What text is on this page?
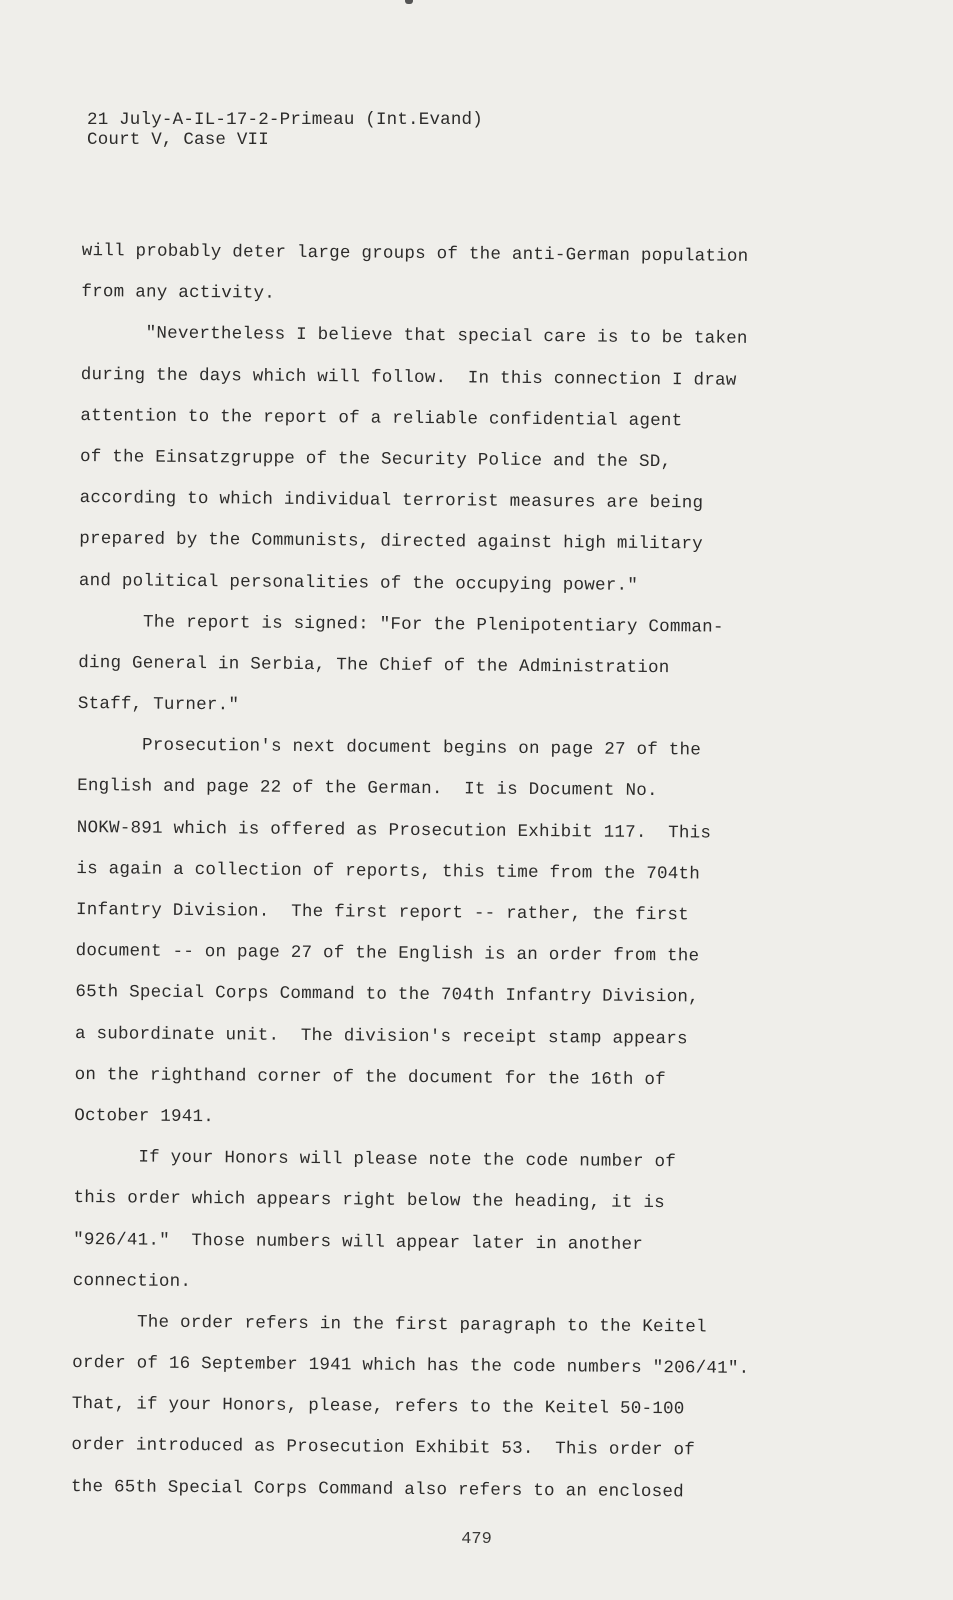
21 July-A-IL-17-2-Primeau (Int.Evand)
Court V, Case VII
will probably deter large groups of the anti-German population
from any activity.
"Nevertheless I believe that special care is to be taken
during the days which will follow.  In this connection I draw
attention to the report of a reliable confidential agent
of the Einsatzgruppe of the Security Police and the SD,
according to which individual terrorist measures are being
prepared by the Communists, directed against high military
and political personalities of the occupying power."
The report is signed: "For the Plenipotentiary Comman-
ding General in Serbia, The Chief of the Administration
Staff, Turner."
Prosecution's next document begins on page 27 of the
English and page 22 of the German.  It is Document No.
NOKW-891 which is offered as Prosecution Exhibit 117.  This
is again a collection of reports, this time from the 704th
Infantry Division.  The first report -- rather, the first
document -- on page 27 of the English is an order from the
65th Special Corps Command to the 704th Infantry Division,
a subordinate unit.  The division's receipt stamp appears
on the righthand corner of the document for the 16th of
October 1941.
If your Honors will please note the code number of
this order which appears right below the heading, it is
"926/41."  Those numbers will appear later in another
connection.
The order refers in the first paragraph to the Keitel
order of 16 September 1941 which has the code numbers "206/41".
That, if your Honors, please, refers to the Keitel 50-100
order introduced as Prosecution Exhibit 53.  This order of
the 65th Special Corps Command also refers to an enclosed
479
